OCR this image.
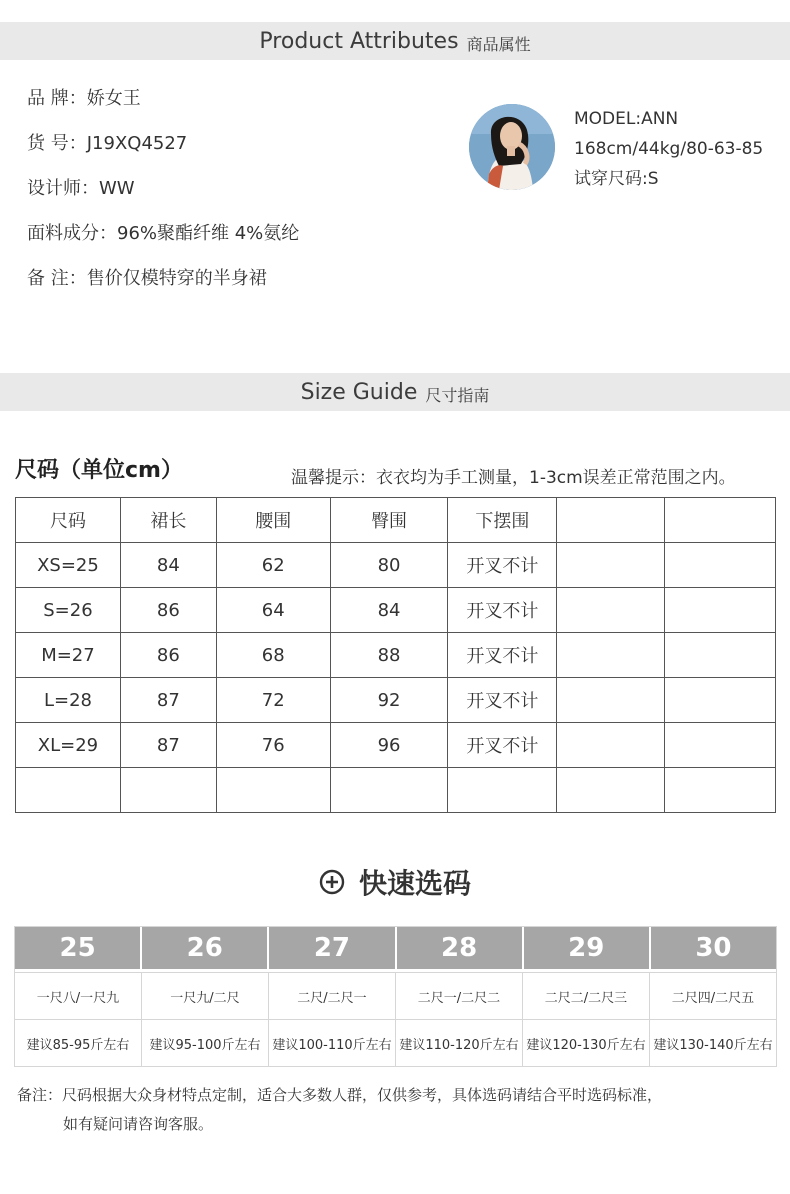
Product Attributes 商品属性
品 牌： 娇女王
货 号： J19XQ4527
设计师： WW
面料成分： 96%聚酯纤维 4%氨纶
备 注： 售价仅模特穿的半身裙
MODEL:ANN
168cm/44kg/80-63-85
试穿尺码:S
Size Guide 尺寸指南
尺码（单位cm）	温馨提示：衣衣均为手工测量，1-3cm误差正常范围之内。
尺码	裙长	腰围	臀围	下摆围		
XS=25	84	62	80	开叉不计		
S=26	86	64	84	开叉不计		
M=27	86	68	88	开叉不计		
L=28	87	72	92	开叉不计		
XL=29	87	76	96	开叉不计		

快速选码
25	26	27	28	29	30
一尺八/一尺九	一尺九/二尺	二尺/二尺一	二尺一/二尺二	二尺二/二尺三	二尺四/二尺五
建议85-95斤左右	建议95-100斤左右 建议100-110斤左右 建议110-120斤左右 建议120-130斤左右 建议130-140斤左右
备注：尺码根据大众身材特点定制，适合大多数人群，仅供参考，具体选码请结合平时选码标准，
如有疑问请咨询客服。
